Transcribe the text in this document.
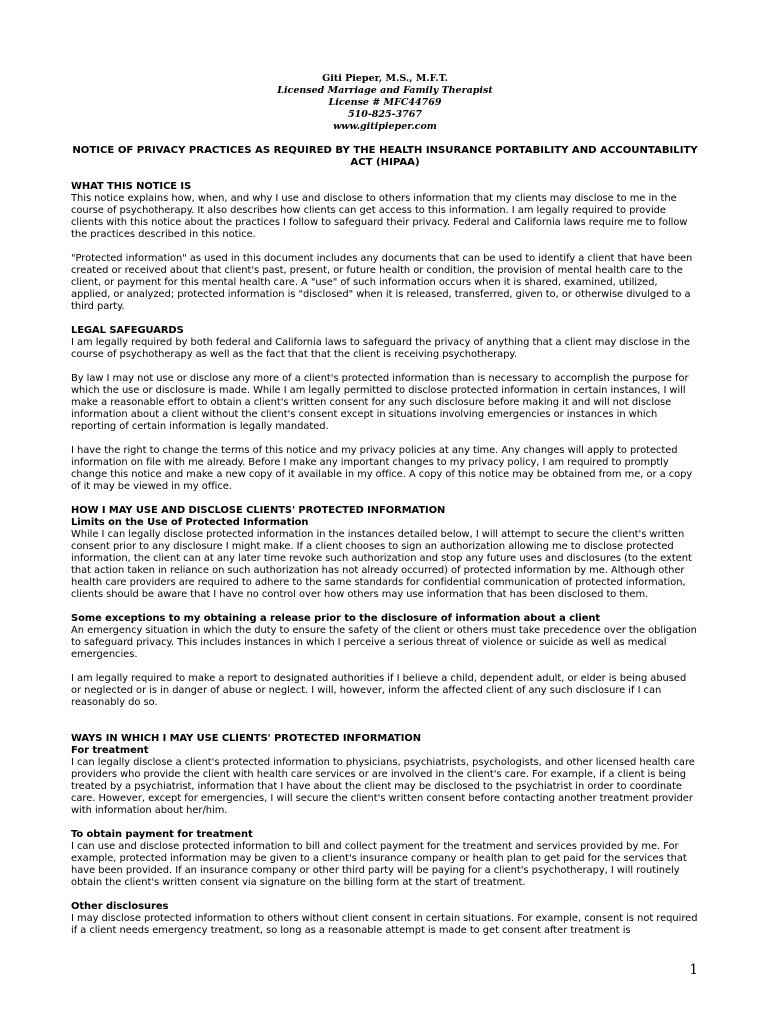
Giti Pieper, M.S., M.F.T.
Licensed Marriage and Family Therapist
License # MFC44769
510-825-3767
www.gitipieper.com
NOTICE OF PRIVACY PRACTICES AS REQUIRED BY THE HEALTH INSURANCE PORTABILITY AND ACCOUNTABILITY ACT (HIPAA)

WHAT THIS NOTICE IS

This notice explains how, when, and why I use and disclose to others information that my clients may disclose to me in the course of psychotherapy. It also describes how clients can get access to this information. I am legally required to provide clients with this notice about the practices I follow to safeguard their privacy. Federal and California laws require me to follow the practices described in this notice.

"Protected information" as used in this document includes any documents that can be used to identify a client that have been created or received about that client's past, present, or future health or condition, the provision of mental health care to the client, or payment for this mental health care. A "use" of such information occurs when it is shared, examined, utilized, applied, or analyzed; protected information is "disclosed" when it is released, transferred, given to, or otherwise divulged to a third party.

LEGAL SAFEGUARDS

I am legally required by both federal and California laws to safeguard the privacy of anything that a client may disclose in the course of psychotherapy as well as the fact that that the client is receiving psychotherapy.

By law I may not use or disclose any more of a client's protected information than is necessary to accomplish the purpose for which the use or disclosure is made. While I am legally permitted to disclose protected information in certain instances, I will make a reasonable effort to obtain a client's written consent for any such disclosure before making it and will not disclose information about a client without the client's consent except in situations involving emergencies or instances in which reporting of certain information is legally mandated.

I have the right to change the terms of this notice and my privacy policies at any time. Any changes will apply to protected information on file with me already. Before I make any important changes to my privacy policy, I am required to promptly change this notice and make a new copy of it available in my office. A copy of this notice may be obtained from me, or a copy of it may be viewed in my office.

HOW I MAY USE AND DISCLOSE CLIENTS' PROTECTED INFORMATION

Limits on the Use of Protected Information

While I can legally disclose protected information in the instances detailed below, I will attempt to secure the client's written consent prior to any disclosure I might make. If a client chooses to sign an authorization allowing me to disclose protected information, the client can at any later time revoke such authorization and stop any future uses and disclosures (to the extent that action taken in reliance on such authorization has not already occurred) of protected information by me. Although other health care providers are required to adhere to the same standards for confidential communication of protected information, clients should be aware that I have no control over how others may use information that has been disclosed to them.

Some exceptions to my obtaining a release prior to the disclosure of information about a client

An emergency situation in which the duty to ensure the safety of the client or others must take precedence over the obligation to safeguard privacy. This includes instances in which I perceive a serious threat of violence or suicide as well as medical emergencies.

I am legally required to make a report to designated authorities if I believe a child, dependent adult, or elder is being abused or neglected or is in danger of abuse or neglect. I will, however, inform the affected client of any such disclosure if I can reasonably do so.

WAYS IN WHICH I MAY USE CLIENTS' PROTECTED INFORMATION

For treatment

I can legally disclose a client's protected information to physicians, psychiatrists, psychologists, and other licensed health care providers who provide the client with health care services or are involved in the client's care. For example, if a client is being treated by a psychiatrist, information that I have about the client may be disclosed to the psychiatrist in order to coordinate care. However, except for emergencies, I will secure the client's written consent before contacting another treatment provider with information about her/him.

To obtain payment for treatment

I can use and disclose protected information to bill and collect payment for the treatment and services provided by me. For example, protected information may be given to a client's insurance company or health plan to get paid for the services that have been provided. If an insurance company or other third party will be paying for a client's psychotherapy, I will routinely obtain the client's written consent via signature on the billing form at the start of treatment.

Other disclosures

I may disclose protected information to others without client consent in certain situations. For example, consent is not required if a client needs emergency treatment, so long as a reasonable attempt is made to get consent after treatment is

1
